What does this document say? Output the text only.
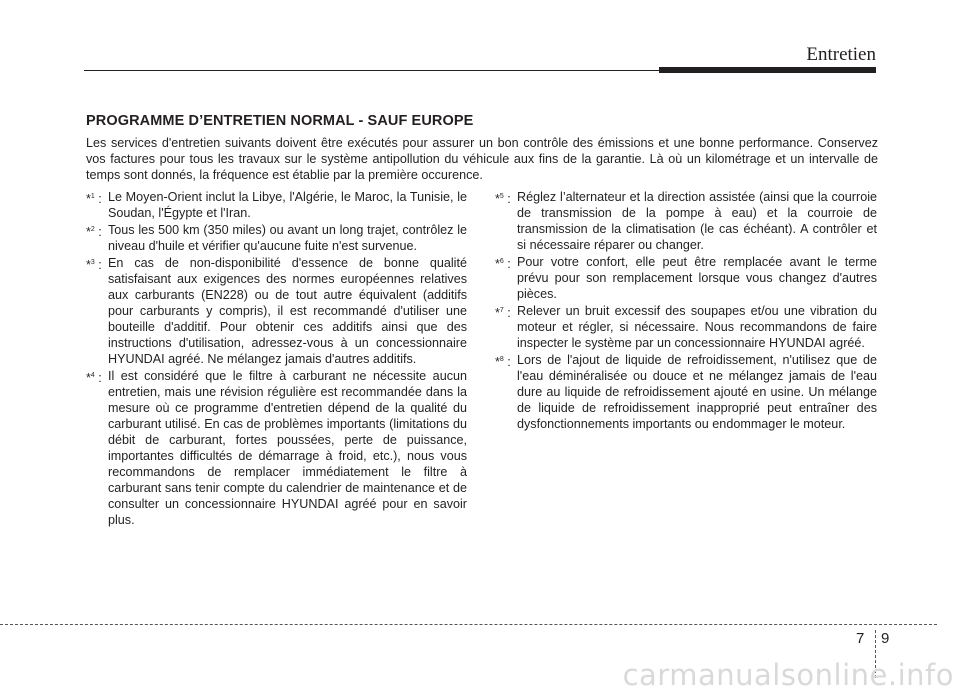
Entretien
PROGRAMME D’ENTRETIEN NORMAL - SAUF EUROPE

Les services d'entretien suivants doivent être exécutés pour assurer un bon contrôle des émissions et une bonne performance. Conservez vos factures pour tous les travaux sur le système antipollution du véhicule aux fins de la garantie. Là où un kilométrage et un intervalle de temps sont donnés, la fréquence est établie par la première occurence.

*$^1$ : Le Moyen-Orient inclut la Libye, l'Algérie, le Maroc, la Tunisie, le Soudan, l'Égypte et l'Iran.
*$^2$ : Tous les 500 km (350 miles) ou avant un long trajet, contrôlez le niveau d'huile et vérifier qu'aucune fuite n'est survenue.
*$^3$ : En cas de non-disponibilité d'essence de bonne qualité satisfaisant aux exigences des normes européennes relatives aux carburants (EN228) ou de tout autre équivalent (additifs pour carburants y compris), il est recommandé d'utiliser une bouteille d'additif. Pour obtenir ces additifs ainsi que des instructions d'utilisation, adressez-vous à un concessionnaire HYUNDAI agréé. Ne mélangez jamais d'autres additifs.
*$^4$ : Il est considéré que le filtre à carburant ne nécessite aucun entretien, mais une révision régulière est recommandée dans la mesure où ce programme d'entretien dépend de la qualité du carburant utilisé. En cas de problèmes importants (limitations du débit de carburant, fortes poussées, perte de puissance, importantes difficultés de démarrage à froid, etc.), nous vous recommandons de remplacer immédiatement le filtre à carburant sans tenir compte du calendrier de maintenance et de consulter un concessionnaire HYUNDAI agréé pour en savoir plus.
*$^5$ : Réglez l’alternateur et la direction assistée (ainsi que la courroie de transmission de la pompe à eau) et la courroie de transmission de la climatisation (le cas échéant). A contrôler et si nécessaire réparer ou changer.
*$^6$ : Pour votre confort, elle peut être remplacée avant le terme prévu pour son remplacement lorsque vous changez d'autres pièces.
*$^7$ : Relever un bruit excessif des soupapes et/ou une vibration du moteur et régler, si nécessaire. Nous recommandons de faire inspecter le système par un concessionnaire HYUNDAI agréé.
*$^8$ : Lors de l'ajout de liquide de refroidissement, n'utilisez que de l'eau déminéralisée ou douce et ne mélangez jamais de l'eau dure au liquide de refroidissement ajouté en usine. Un mélange de liquide de refroidissement inapproprié peut entraîner des dysfonctionnements importants ou endommager le moteur.
7 9
carmanualsonline.info
